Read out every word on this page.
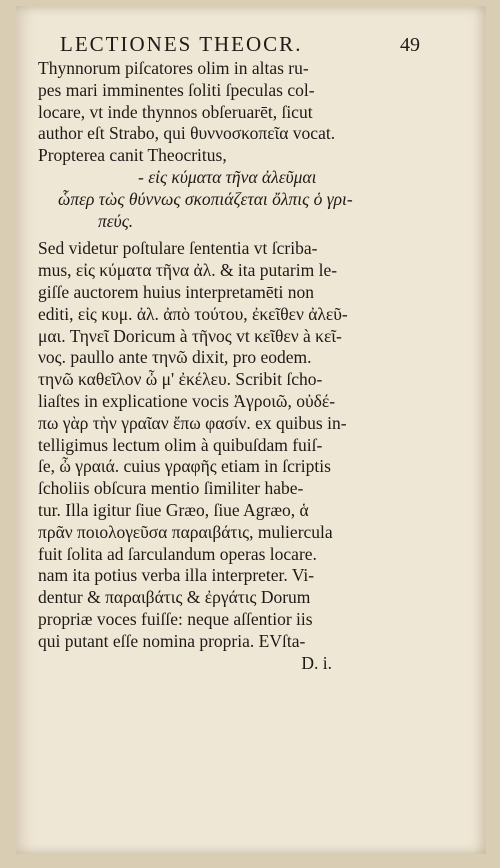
LECTIONES THEOCR.	49
Thynnorum piſcatores olim in altas ru-
pes mari imminentes ſoliti ſpeculas col-
locare, vt inde thynnos obſeruarēt, ſicut
author eſt Strabo, qui θυννοσκοπεῖα vocat.
Propterea canit Theocritus,
- εἰς κύματα τῆνα ἀλεῦμαι
ὧπερ τὼς θύννως σκοπιάζεται ὄλπις ὁ γρι-
πεύς.
Sed videtur poſtulare ſententia vt ſcriba-
mus, εἰς κύματα τῆνα ἀλ. & ita putarim le-
giſſe auctorem huius interpretamēti non
editi, εἰς κυμ. ἀλ. ἀπὸ τούτου, ἐκεῖθεν ἀλεῦ-
μαι. Τηνεῖ Doricum à τῆνος vt κεῖθεν à κεῖ-
νος. paullo ante τηνῶ dixit, pro eodem.
τηνῶ καθεῖλον ὦ μ' ἐκέλευ. Scribit ſcho-
liaſtes in explicatione vocis Ἀγροιῶ, οὐδέ-
πω γὰρ τὴν γραῖαν ἔπω φασίν. ex quibus in-
telligimus lectum olim à quibuſdam fuiſ-
ſe, ὦ γραιά. cuius γραφῆς etiam in ſcriptis
ſcholiis obſcura mentio ſimiliter habe-
tur. Illa igitur ſiue Græo, ſiue Agræo, ἁ
πρᾶν ποιολογεῦσα παραιβάτις, muliercula
fuit ſolita ad ſarculandum operas locare.
nam ita potius verba illa interpreter. Vi-
dentur & παραιβάτις & ἐργάτις Dorum
propriæ voces fuiſſe: neque aſſentior iis
qui putant eſſe nomina propria. EVſta-
D. i.
